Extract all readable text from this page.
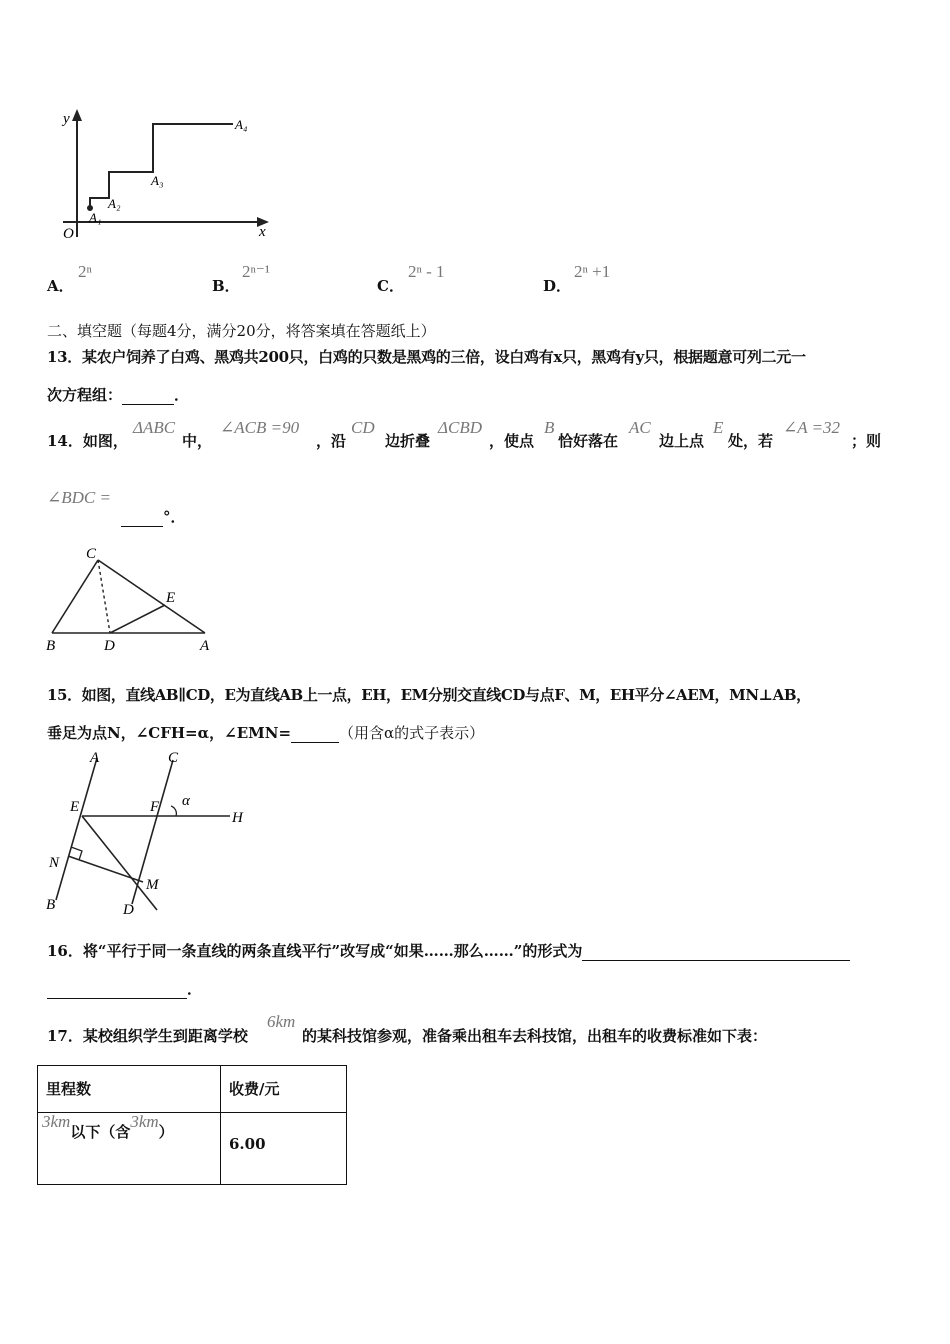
y
x
O
A₁
A₂
A₃
A₄
A．
2ⁿ
B．
2ⁿ⁻¹
C．
2ⁿ - 1
D．
2ⁿ +1
二、填空题（每题4分，满分20分，将答案填在答题纸上）
13．某农户饲养了白鸡、黑鸡共200只，白鸡的只数是黑鸡的三倍，设白鸡有x只，黑鸡有y只，根据题意可列二元一
次方程组：	．
14．如图，
ΔABC
中，
∠ACB =90
，沿
CD
边折叠
ΔCBD
，使点
B
恰好落在
AC
边上点
E
处，若
∠A =32
；则
∠BDC =
°．
C
E
B	D	A
15．如图，直线AB∥CD，E为直线AB上一点，EH，EM分别交直线CD与点F、M，EH平分∠AEM，MN⊥AB，
垂足为点N，∠CFH=α，∠EMN=	（用含α的式子表示）
A	C
E	F α
H
N
M
B	D
16．将“平行于同一条直线的两条直线平行”改写成“如果……那么……”的形式为
．
17．某校组织学生到距离学校
6km
的某科技馆参观，准备乘出租车去科技馆，出租车的收费标准如下表：
里程数	收费/元
3km以下（含3km）	6.00
